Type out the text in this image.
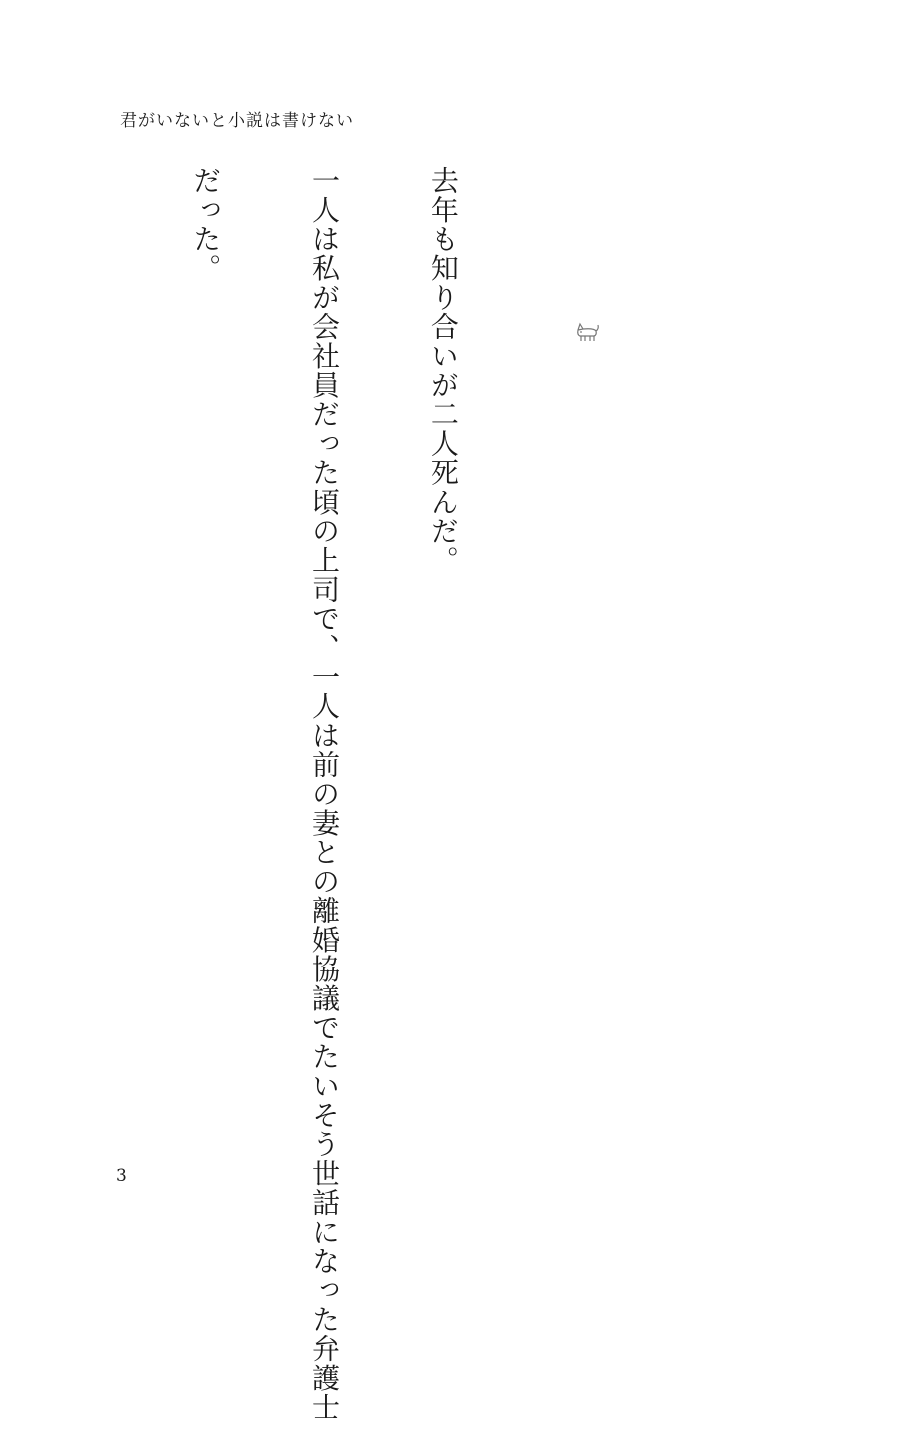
君がいないと小説は書けない

去年も知り合いが二人死んだ。

一人は私が会社員だった頃の上司で、一人は前の妻との離婚協議でたいそう世話になった弁護士

だった。

3
